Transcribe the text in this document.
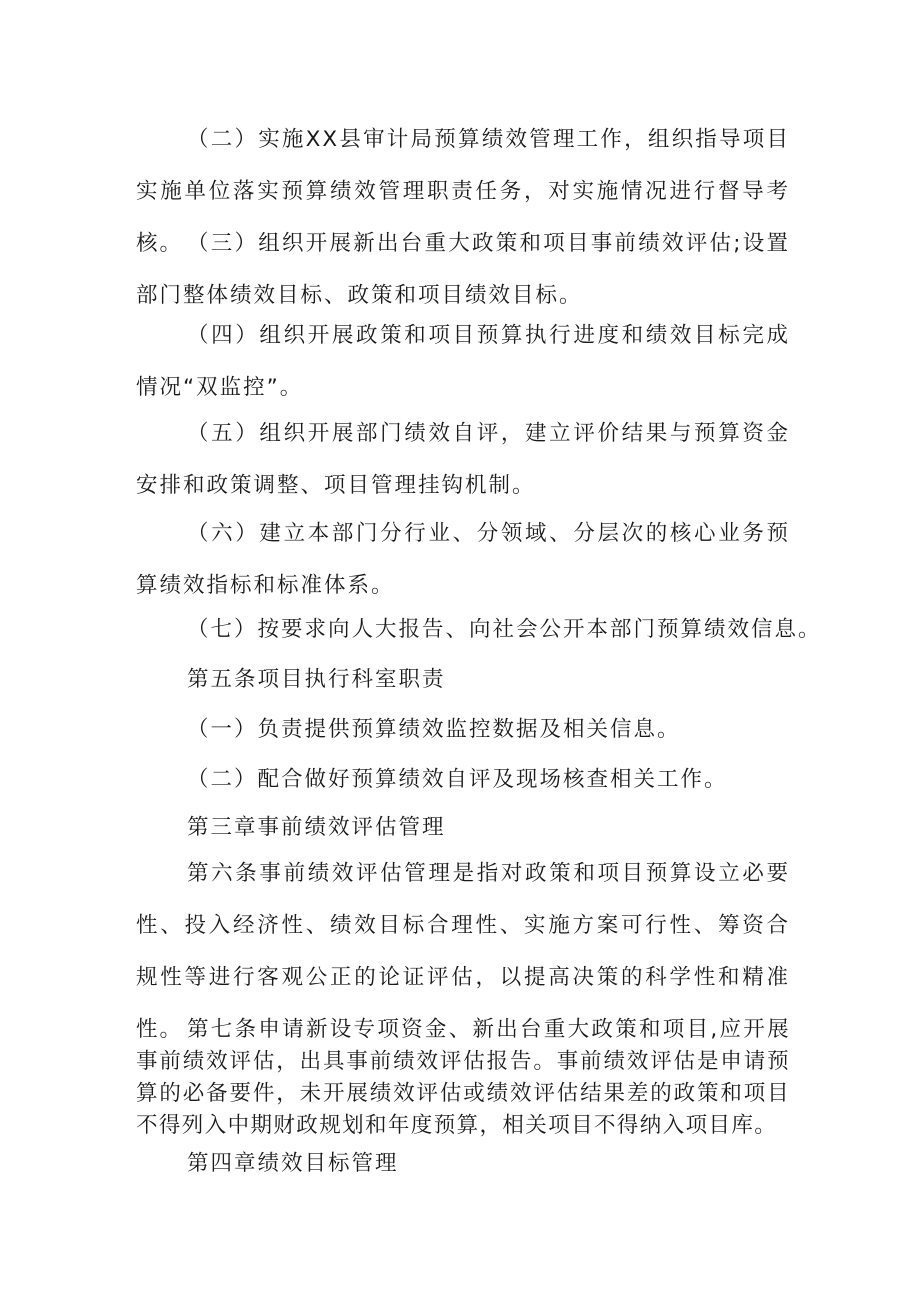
（二）实施XX县审计局预算绩效管理工作，组织指导项目实施单位落实预算绩效管理职责任务，对实施情况进行督导考核。 （三）组织开展新出台重大政策和项目事前绩效评估;设置部门整体绩效目标、政策和项目绩效目标。

（四）组织开展政策和项目预算执行进度和绩效目标完成情况“双监控”。

（五）组织开展部门绩效自评，建立评价结果与预算资金安排和政策调整、项目管理挂钩机制。

（六）建立本部门分行业、分领域、分层次的核心业务预算绩效指标和标准体系。

（七）按要求向人大报告、向社会公开本部门预算绩效信息。

第五条项目执行科室职责

（一）负责提供预算绩效监控数据及相关信息。

（二）配合做好预算绩效自评及现场核查相关工作。

第三章事前绩效评估管理

第六条事前绩效评估管理是指对政策和项目预算设立必要性、投入经济性、绩效目标合理性、实施方案可行性、筹资合规性等进行客观公正的论证评估，以提高决策的科学性和精准性。 第七条申请新设专项资金、新出台重大政策和项目,应开展事前绩效评估，出具事前绩效评估报告。事前绩效评估是申请预算的必备要件，未开展绩效评估或绩效评估结果差的政策和项目不得列入中期财政规划和年度预算，相关项目不得纳入项目库。

第四章绩效目标管理
